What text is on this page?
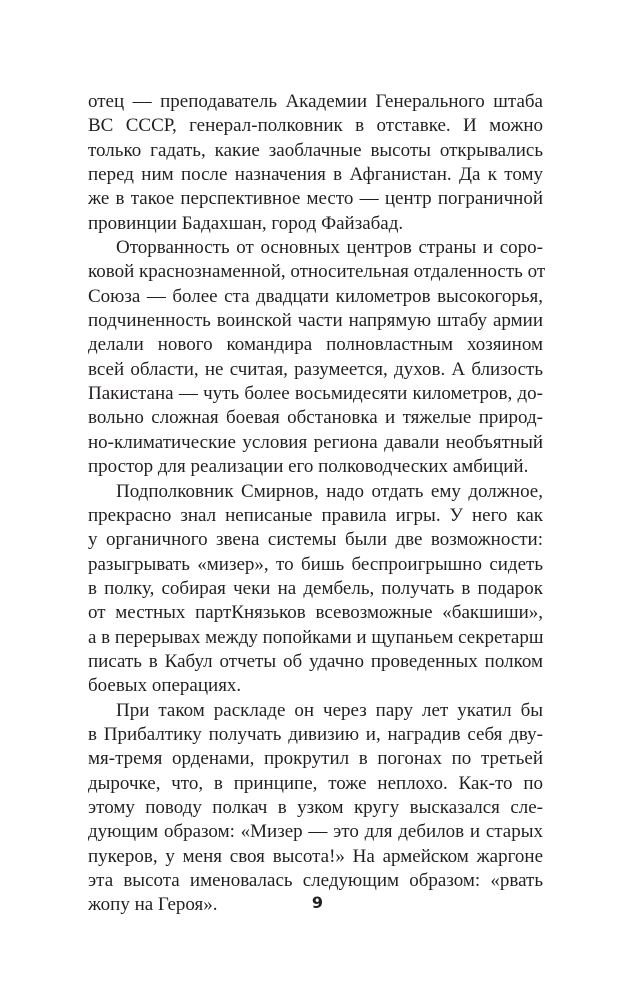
отец — преподаватель Академии Генерального штаба
ВС СССР, генерал-полковник в отставке. И можно
только гадать, какие заоблачные высоты открывались
перед ним после назначения в Афганистан. Да к тому
же в такое перспективное место — центр пограничной
провинции Бадахшан, город Файзабад.

Оторванность от основных центров страны и соро-
ковой краснознаменной, относительная отдаленность от
Союза — более ста двадцати километров высокогорья,
подчиненность воинской части напрямую штабу армии
делали нового командира полновластным хозяином
всей области, не считая, разумеется, духов. А близость
Пакистана — чуть более восьмидесяти километров, до-
вольно сложная боевая обстановка и тяжелые природ-
но-климатические условия региона давали необъятный
простор для реализации его полководческих амбиций.

Подполковник Смирнов, надо отдать ему должное,
прекрасно знал неписаные правила игры. У него как
у органичного звена системы были две возможности:
разыгрывать «мизер», то бишь беспроигрышно сидеть
в полку, собирая чеки на дембель, получать в подарок
от местных партКнязьков всевозможные «бакшиши»,
а в перерывах между попойками и щупаньем секретарш
писать в Кабул отчеты об удачно проведенных полком
боевых операциях.

При таком раскладе он через пару лет укатил бы
в Прибалтику получать дивизию и, наградив себя дву-
мя-тремя орденами, прокрутил в погонах по третьей
дырочке, что, в принципе, тоже неплохо. Как-то по
этому поводу полкач в узком кругу высказался сле-
дующим образом: «Мизер — это для дебилов и старых
пукеров, у меня своя высота!» На армейском жаргоне
эта высота именовалась следующим образом: «рвать
жопу на Героя».	9
